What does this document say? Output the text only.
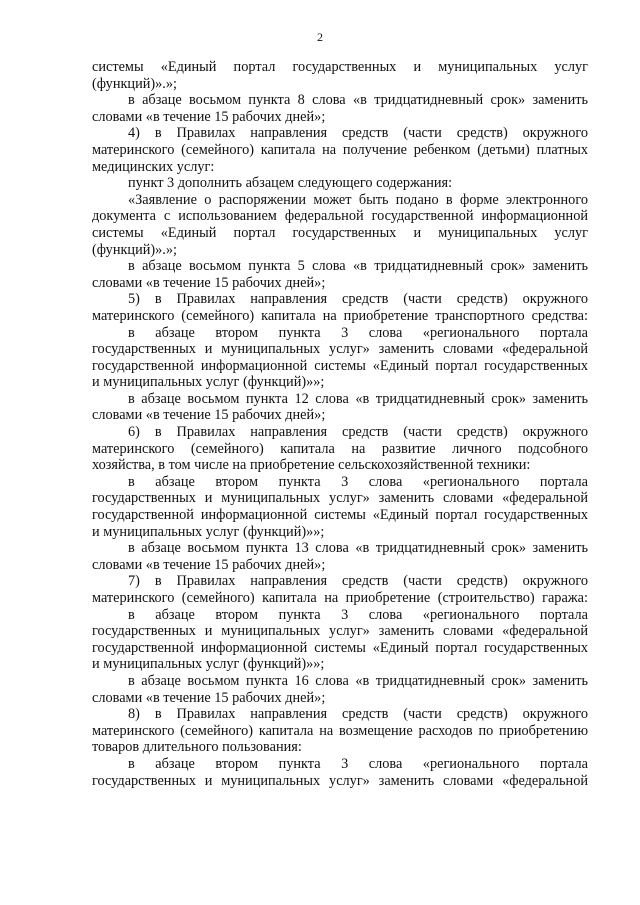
2
системы «Единый портал государственных и муниципальных услуг
(функций)».»;
в абзаце восьмом пункта 8 слова «в тридцатидневный срок» заменить
словами «в течение 15 рабочих дней»;
4) в Правилах направления средств (части средств) окружного
материнского (семейного) капитала на получение ребенком (детьми) платных
медицинских услуг:
пункт 3 дополнить абзацем следующего содержания:
«Заявление о распоряжении может быть подано в форме электронного
документа с использованием федеральной государственной информационной
системы «Единый портал государственных и муниципальных услуг
(функций)».»;
в абзаце восьмом пункта 5 слова «в тридцатидневный срок» заменить
словами «в течение 15 рабочих дней»;
5) в Правилах направления средств (части средств) окружного
материнского (семейного) капитала на приобретение транспортного средства:
в абзаце втором пункта 3 слова «регионального портала
государственных и муниципальных услуг» заменить словами «федеральной
государственной информационной системы «Единый портал государственных
и муниципальных услуг (функций)»»;
в абзаце восьмом пункта 12 слова «в тридцатидневный срок» заменить
словами «в течение 15 рабочих дней»;
6) в Правилах направления средств (части средств) окружного
материнского (семейного) капитала на развитие личного подсобного
хозяйства, в том числе на приобретение сельскохозяйственной техники:
в абзаце втором пункта 3 слова «регионального портала
государственных и муниципальных услуг» заменить словами «федеральной
государственной информационной системы «Единый портал государственных
и муниципальных услуг (функций)»»;
в абзаце восьмом пункта 13 слова «в тридцатидневный срок» заменить
словами «в течение 15 рабочих дней»;
7) в Правилах направления средств (части средств) окружного
материнского (семейного) капитала на приобретение (строительство) гаража:
в абзаце втором пункта 3 слова «регионального портала
государственных и муниципальных услуг» заменить словами «федеральной
государственной информационной системы «Единый портал государственных
и муниципальных услуг (функций)»»;
в абзаце восьмом пункта 16 слова «в тридцатидневный срок» заменить
словами «в течение 15 рабочих дней»;
8) в Правилах направления средств (части средств) окружного
материнского (семейного) капитала на возмещение расходов по приобретению
товаров длительного пользования:
в абзаце втором пункта 3 слова «регионального портала
государственных и муниципальных услуг» заменить словами «федеральной
